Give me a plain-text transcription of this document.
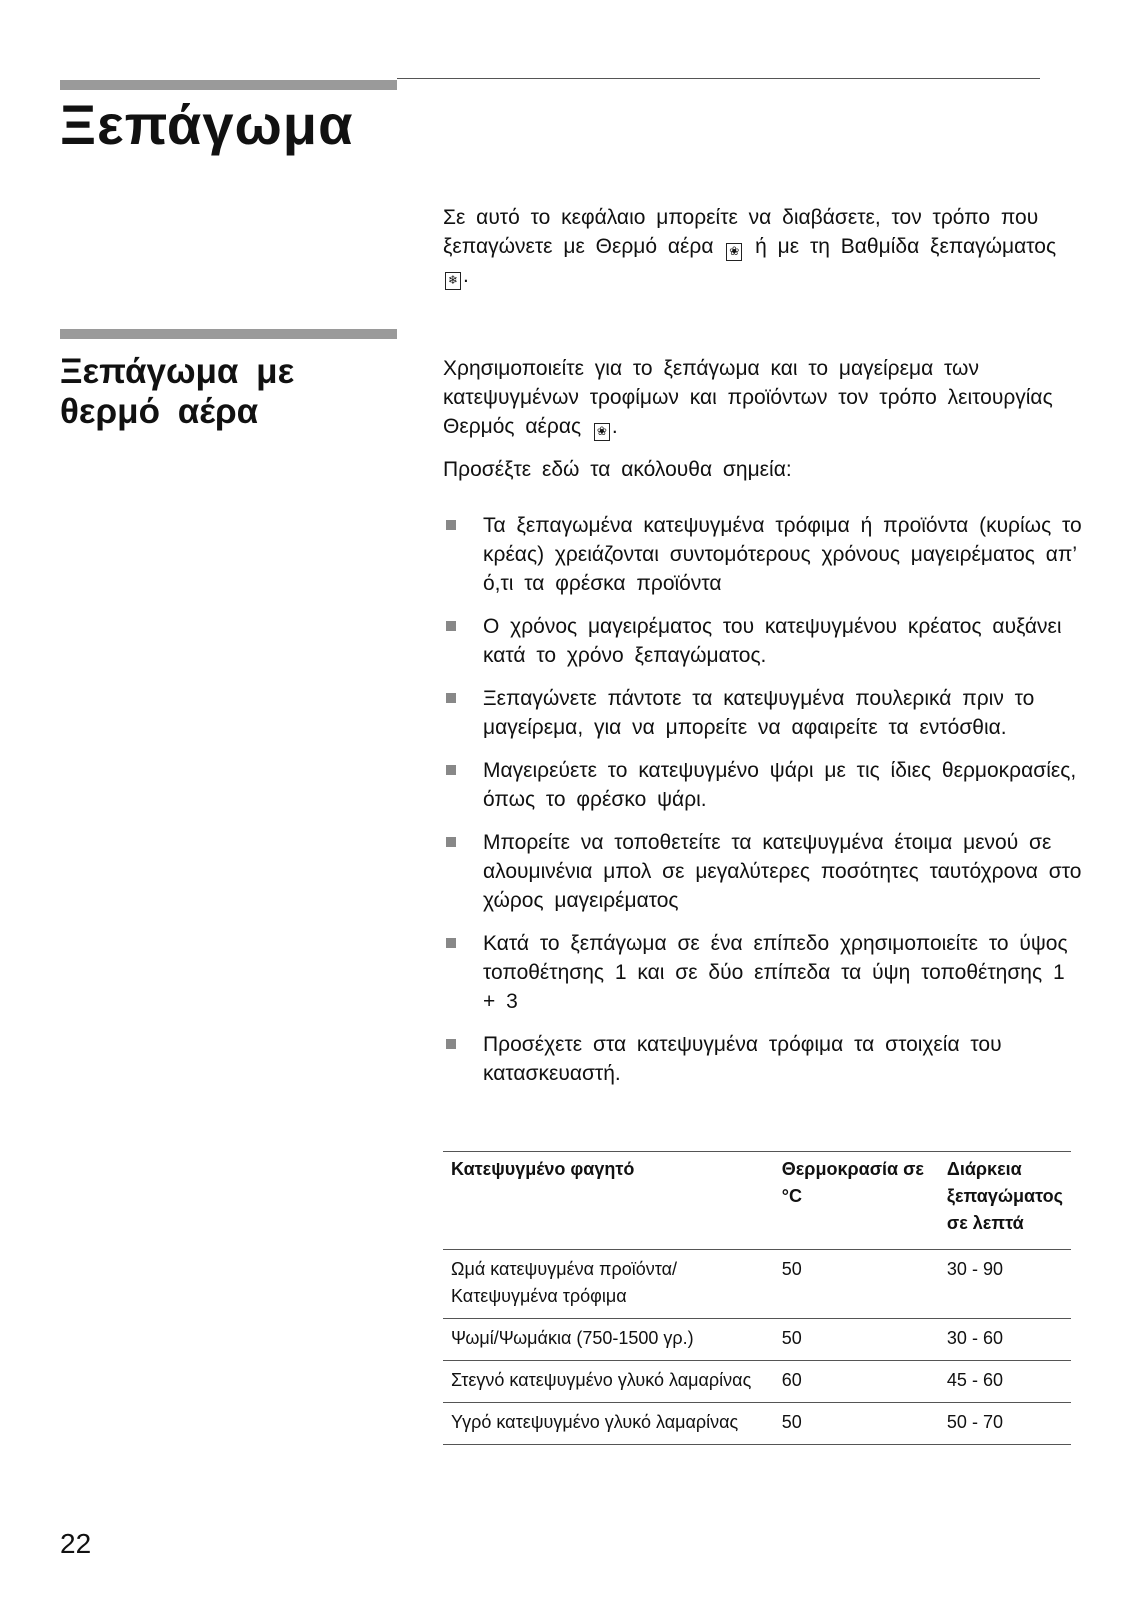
Ξεπάγωμα

Σε αυτό το κεφάλαιο μπορείτε να διαβάσετε, τον τρόπο που ξεπαγώνετε με Θερμό αέρα ❀ ή με τη Βαθμίδα ξεπαγώματος ❄ .

Ξεπάγωμα με θερμό αέρα

Χρησιμοποιείτε για το ξεπάγωμα και το μαγείρεμα των κατεψυγμένων τροφίμων και προϊόντων τον τρόπο λειτουργίας Θερμός αέρας ❀ .

Προσέξτε εδώ τα ακόλουθα σημεία:

Τα ξεπαγωμένα κατεψυγμένα τρόφιμα ή προϊόντα (κυρίως το κρέας) χρειάζονται συντομότερους χρόνους μαγειρέματος απ’ ό,τι τα φρέσκα προϊόντα
Ο χρόνος μαγειρέματος του κατεψυγμένου κρέατος αυξάνει κατά το χρόνο ξεπαγώματος.
Ξεπαγώνετε πάντοτε τα κατεψυγμένα πουλερικά πριν το μαγείρεμα, για να μπορείτε να αφαιρείτε τα εντόσθια.
Μαγειρεύετε το κατεψυγμένο ψάρι με τις ίδιες θερμοκρασίες, όπως το φρέσκο ψάρι.
Μπορείτε να τοποθετείτε τα κατεψυγμένα έτοιμα μενού σε αλουμινένια μπολ σε μεγαλύτερες ποσότητες ταυτόχρονα στο χώρος μαγειρέματος
Κατά το ξεπάγωμα σε ένα επίπεδο χρησιμοποιείτε το ύψος τοποθέτησης 1 και σε δύο επίπεδα τα ύψη τοποθέτησης 1 + 3
Προσέχετε στα κατεψυγμένα τρόφιμα τα στοιχεία του κατασκευαστή.
Κατεψυγμένο φαγητό	Θερμοκρασία σε °C	Διάρκεια ξεπαγώματος σε λεπτά
Ωμά κατεψυγμένα προϊόντα/ Κατεψυγμένα τρόφιμα	50	30 - 90
Ψωμί/Ψωμάκια (750-1500 γρ.)	50	30 - 60
Στεγνό κατεψυγμένο γλυκό λαμαρίνας	60	45 - 60
Υγρό κατεψυγμένο γλυκό λαμαρίνας	50	50 - 70

22
